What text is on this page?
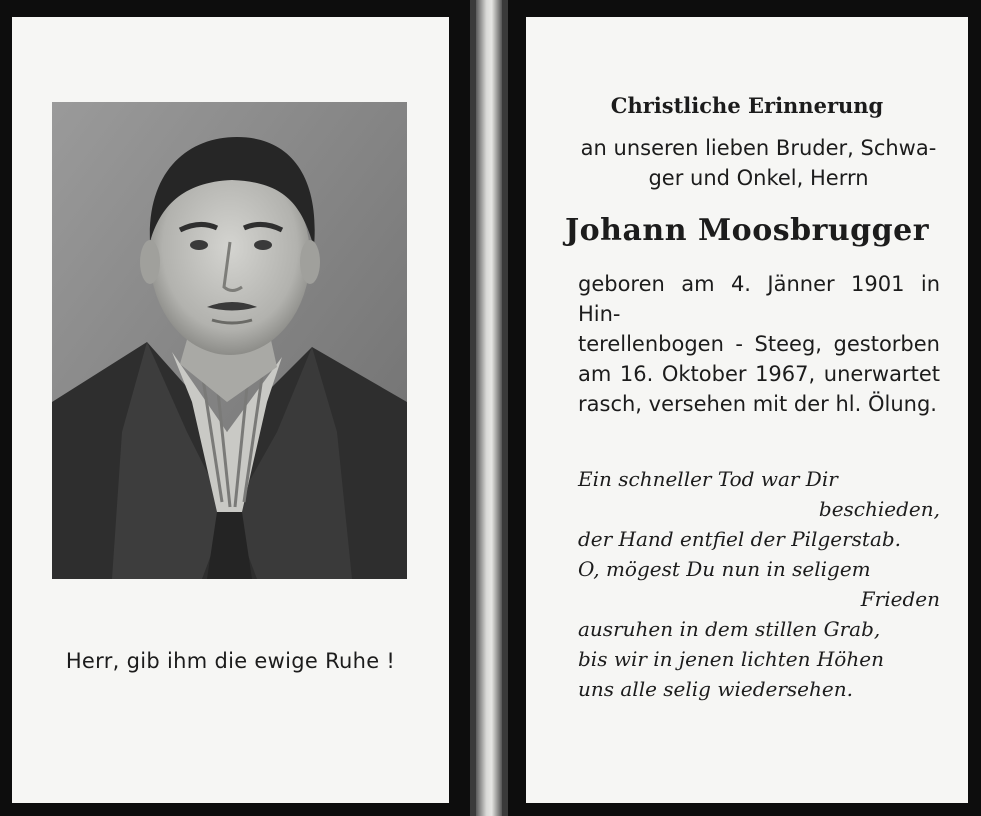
Herr, gib ihm die ewige Ruhe !
Christliche Erinnerung
an unseren lieben Bruder, Schwa-
ger und Onkel, Herrn
Johann Moosbrugger
geboren am 4. Jänner 1901 in Hin-
terellenbogen - Steeg, gestorben
am 16. Oktober 1967, unerwartet
rasch, versehen mit der hl. Ölung.
Ein schneller Tod war Dir
beschieden,
der Hand entfiel der Pilgerstab.
O, mögest Du nun in seligem
Frieden
ausruhen in dem stillen Grab,
bis wir in jenen lichten Höhen
uns alle selig wiedersehen.
